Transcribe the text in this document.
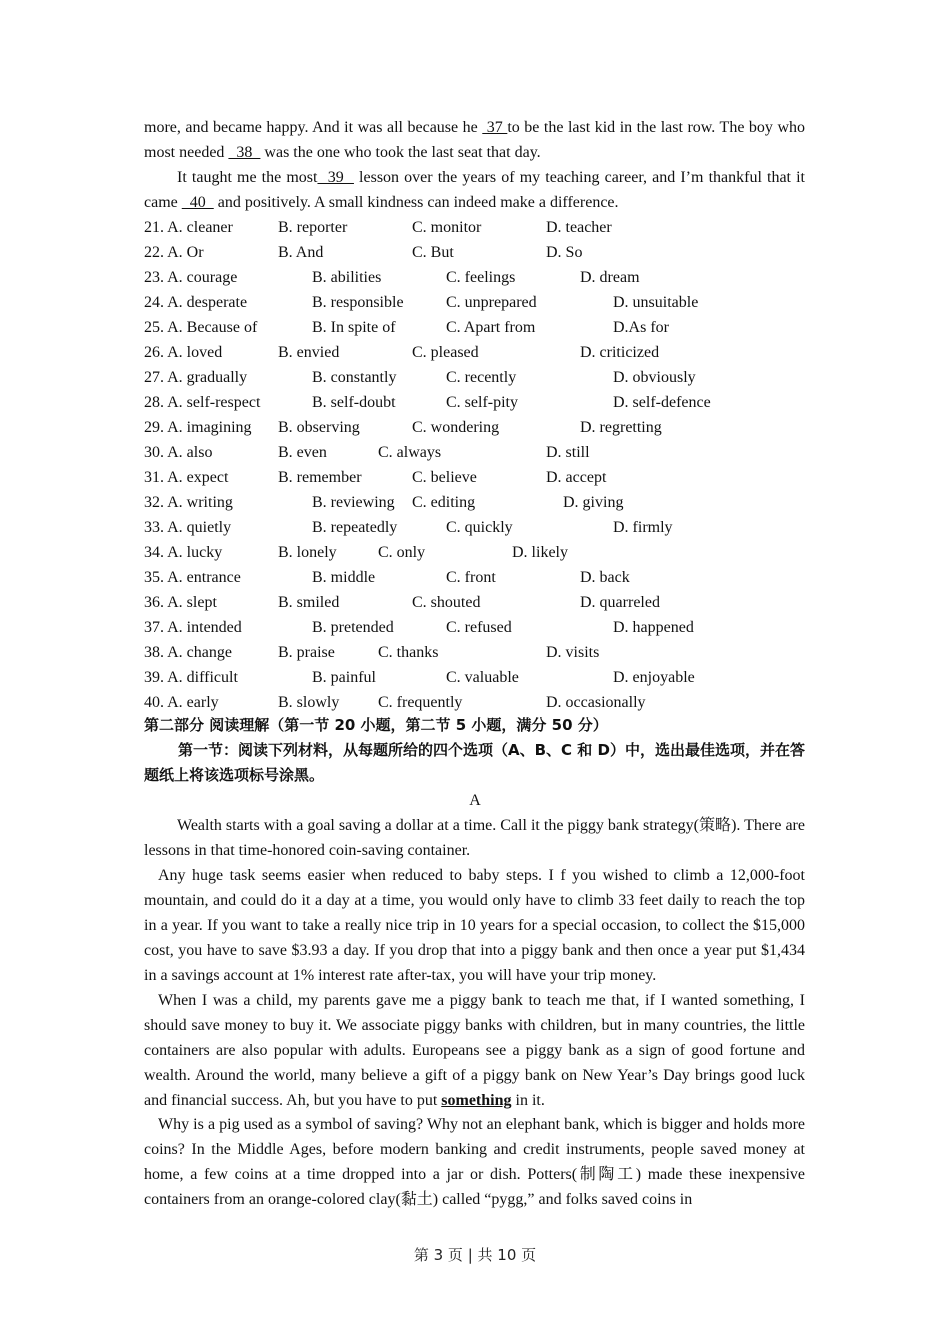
more, and became happy. And it was all because he  37 to be the last kid in the last row. The boy who most needed   38   was the one who took the last seat that day.
It taught me the most  39   lesson over the years of my teaching career, and I’m thankful that it came   40   and positively. A small kindness can indeed make a difference.
21. A. cleaner	B. reporter	C. monitor	D. teacher
22. A. Or	B. And	C. But	D. So
23. A. courage	B. abilities	C. feelings	D. dream
24. A. desperate	B. responsible	C. unprepared	D. unsuitable
25. A. Because of	B. In spite of	C. Apart from	D.As for
26. A. loved	B. envied	C. pleased	D. criticized
27. A. gradually	B. constantly	C. recently	D. obviously
28. A. self-respect	B. self-doubt	C. self-pity	D. self-defence
29. A. imagining B. observing	C. wondering	D. regretting
30. A. also	B. even	C. always	D. still
31. A. expect	B. remember	C. believe	D. accept
32. A. writing	B. reviewing C. editing	D. giving
33. A. quietly	B. repeatedly	C. quickly	D. firmly
34. A. lucky	B. lonely	C. only	D. likely
35. A. entrance	B. middle	C. front	D. back
36. A. slept	B. smiled	C. shouted	D. quarreled
37. A. intended	B. pretended	C. refused	D. happened
38. A. change	B. praise	C. thanks	D. visits
39. A. difficult	B. painful	C. valuable	D. enjoyable
40. A. early	B. slowly C. frequently	D. occasionally
第二部分 阅读理解（第一节 20 小题，第二节 5 小题，满分 50 分）
第一节：阅读下列材料，从每题所给的四个选项（A、B、C 和 D）中，选出最佳选项，并在答题纸上将该选项标号涂黑。
A
Wealth starts with a goal saving a dollar at a time. Call it the piggy bank strategy(策略). There are lessons in that time-honored coin-saving container.
Any huge task seems easier when reduced to baby steps. I f you wished to climb a 12,000-foot mountain, and could do it a day at a time, you would only have to climb 33 feet daily to reach the top in a year. If you want to take a really nice trip in 10 years for a special occasion, to collect the $15,000 cost, you have to save $3.93 a day. If you drop that into a piggy bank and then once a year put $1,434 in a savings account at 1% interest rate after-tax, you will have your trip money.
When I was a child, my parents gave me a piggy bank to teach me that, if I wanted something, I should save money to buy it. We associate piggy banks with children, but in many countries, the little containers are also popular with adults. Europeans see a piggy bank as a sign of good fortune and wealth. Around the world, many believe a gift of a piggy bank on New Year’s Day brings good luck and financial success. Ah, but you have to put something in it.
Why is a pig used as a symbol of saving? Why not an elephant bank, which is bigger and holds more coins? In the Middle Ages, before modern banking and credit instruments, people saved money at home, a few coins at a time dropped into a jar or dish. Potters(制陶工) made these inexpensive containers from an orange-colored clay(黏土) called “pygg,” and folks saved coins in
第 3 页 | 共 10 页
